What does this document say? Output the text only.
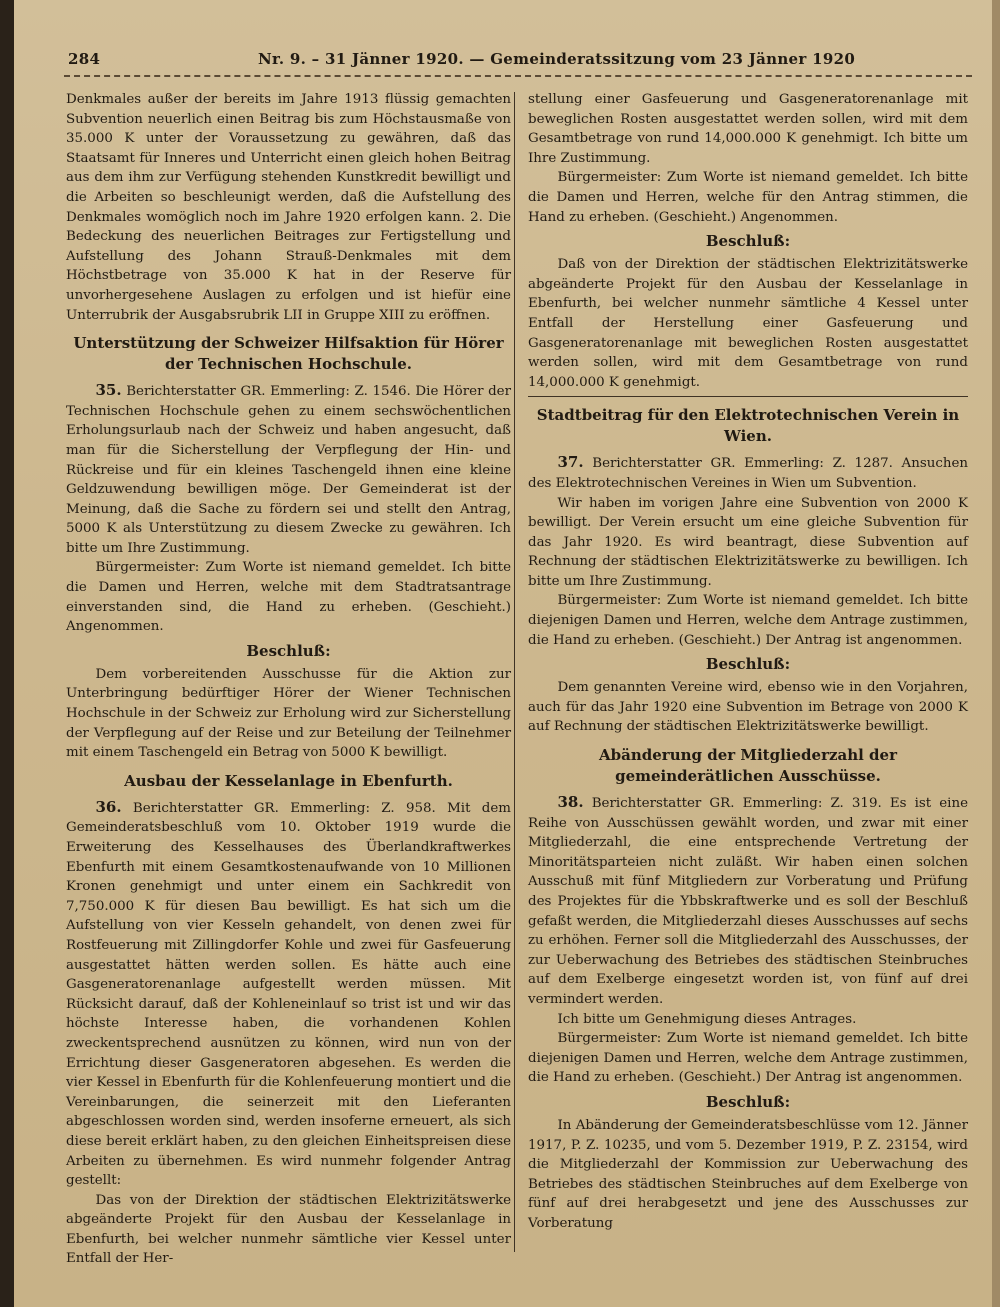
284	Nr. 9. – 31 Jänner 1920. — Gemeinderatssitzung vom 23 Jänner 1920

Denkmales außer der bereits im Jahre 1913 flüssig gemachten Subvention neuerlich einen Beitrag bis zum Höchstausmaße von 35.000 K unter der Voraussetzung zu gewähren, daß das Staatsamt für Inneres und Unterricht einen gleich hohen Beitrag aus dem ihm zur Verfügung stehenden Kunstkredit bewilligt und die Arbeiten so beschleunigt werden, daß die Aufstellung des Denkmales womöglich noch im Jahre 1920 erfolgen kann. 2. Die Bedeckung des neuerlichen Beitrages zur Fertigstellung und Aufstellung des Johann Strauß-Denkmales mit dem Höchstbetrage von 35.000 K hat in der Reserve für unvorhergesehene Auslagen zu erfolgen und ist hiefür eine Unterrubrik der Ausgabsrubrik LII in Gruppe XIII zu eröffnen.

Unterstützung der Schweizer Hilfsaktion für Hörer der Technischen Hochschule.

35. Berichterstatter GR. Emmerling: Z. 1546. Die Hörer der Technischen Hochschule gehen zu einem sechswöchentlichen Erholungsurlaub nach der Schweiz und haben angesucht, daß man für die Sicherstellung der Verpflegung der Hin- und Rückreise und für ein kleines Taschengeld ihnen eine kleine Geldzuwendung bewilligen möge. Der Gemeinderat ist der Meinung, daß die Sache zu fördern sei und stellt den Antrag, 5000 K als Unterstützung zu diesem Zwecke zu gewähren. Ich bitte um Ihre Zustimmung.

Bürgermeister: Zum Worte ist niemand gemeldet. Ich bitte die Damen und Herren, welche mit dem Stadtratsantrage einverstanden sind, die Hand zu erheben. (Geschieht.) Angenommen.

Beschluß:

Dem vorbereitenden Ausschusse für die Aktion zur Unterbringung bedürftiger Hörer der Wiener Technischen Hochschule in der Schweiz zur Erholung wird zur Sicherstellung der Verpflegung auf der Reise und zur Beteilung der Teilnehmer mit einem Taschengeld ein Betrag von 5000 K bewilligt.

Ausbau der Kesselanlage in Ebenfurth.

36. Berichterstatter GR. Emmerling: Z. 958. Mit dem Gemeinderatsbeschluß vom 10. Oktober 1919 wurde die Erweiterung des Kesselhauses des Überlandkraftwerkes Ebenfurth mit einem Gesamtkostenaufwande von 10 Millionen Kronen genehmigt und unter einem ein Sachkredit von 7,750.000 K für diesen Bau bewilligt. Es hat sich um die Aufstellung von vier Kesseln gehandelt, von denen zwei für Rostfeuerung mit Zillingdorfer Kohle und zwei für Gasfeuerung ausgestattet hätten werden sollen. Es hätte auch eine Gasgeneratorenanlage aufgestellt werden müssen. Mit Rücksicht darauf, daß der Kohleneinlauf so trist ist und wir das höchste Interesse haben, die vorhandenen Kohlen zweckentsprechend ausnützen zu können, wird nun von der Errichtung dieser Gasgeneratoren abgesehen. Es werden die vier Kessel in Ebenfurth für die Kohlenfeuerung montiert und die Vereinbarungen, die seinerzeit mit den Lieferanten abgeschlossen worden sind, werden insoferne erneuert, als sich diese bereit erklärt haben, zu den gleichen Einheitspreisen diese Arbeiten zu übernehmen. Es wird nunmehr folgender Antrag gestellt:

Das von der Direktion der städtischen Elektrizitätswerke abgeänderte Projekt für den Ausbau der Kesselanlage in Ebenfurth, bei welcher nunmehr sämtliche vier Kessel unter Entfall der Her-

stellung einer Gasfeuerung und Gasgeneratorenanlage mit beweglichen Rosten ausgestattet werden sollen, wird mit dem Gesamtbetrage von rund 14,000.000 K genehmigt. Ich bitte um Ihre Zustimmung.

Bürgermeister: Zum Worte ist niemand gemeldet. Ich bitte die Damen und Herren, welche für den Antrag stimmen, die Hand zu erheben. (Geschieht.) Angenommen.

Beschluß:

Daß von der Direktion der städtischen Elektrizitätswerke abgeänderte Projekt für den Ausbau der Kesselanlage in Ebenfurth, bei welcher nunmehr sämtliche 4 Kessel unter Entfall der Herstellung einer Gasfeuerung und Gasgeneratorenanlage mit beweglichen Rosten ausgestattet werden sollen, wird mit dem Gesamtbetrage von rund 14,000.000 K genehmigt.

Stadtbeitrag für den Elektrotechnischen Verein in Wien.

37. Berichterstatter GR. Emmerling: Z. 1287. Ansuchen des Elektrotechnischen Vereines in Wien um Subvention.

Wir haben im vorigen Jahre eine Subvention von 2000 K bewilligt. Der Verein ersucht um eine gleiche Subvention für das Jahr 1920. Es wird beantragt, diese Subvention auf Rechnung der städtischen Elektrizitätswerke zu bewilligen. Ich bitte um Ihre Zustimmung.

Bürgermeister: Zum Worte ist niemand gemeldet. Ich bitte diejenigen Damen und Herren, welche dem Antrage zustimmen, die Hand zu erheben. (Geschieht.) Der Antrag ist angenommen.

Beschluß:

Dem genannten Vereine wird, ebenso wie in den Vorjahren, auch für das Jahr 1920 eine Subvention im Betrage von 2000 K auf Rechnung der städtischen Elektrizitätswerke bewilligt.

Abänderung der Mitgliederzahl der gemeinderätlichen Ausschüsse.

38. Berichterstatter GR. Emmerling: Z. 319. Es ist eine Reihe von Ausschüssen gewählt worden, und zwar mit einer Mitgliederzahl, die eine entsprechende Vertretung der Minoritätsparteien nicht zuläßt. Wir haben einen solchen Ausschuß mit fünf Mitgliedern zur Vorberatung und Prüfung des Projektes für die Ybbskraftwerke und es soll der Beschluß gefaßt werden, die Mitgliederzahl dieses Ausschusses auf sechs zu erhöhen. Ferner soll die Mitgliederzahl des Ausschusses, der zur Ueberwachung des Betriebes des städtischen Steinbruches auf dem Exelberge eingesetzt worden ist, von fünf auf drei vermindert werden.

Ich bitte um Genehmigung dieses Antrages.

Bürgermeister: Zum Worte ist niemand gemeldet. Ich bitte diejenigen Damen und Herren, welche dem Antrage zustimmen, die Hand zu erheben. (Geschieht.) Der Antrag ist angenommen.

Beschluß:

In Abänderung der Gemeinderatsbeschlüsse vom 12. Jänner 1917, P. Z. 10235, und vom 5. Dezember 1919, P. Z. 23154, wird die Mitgliederzahl der Kommission zur Ueberwachung des Betriebes des städtischen Steinbruches auf dem Exelberge von fünf auf drei herabgesetzt und jene des Ausschusses zur Vorberatung
